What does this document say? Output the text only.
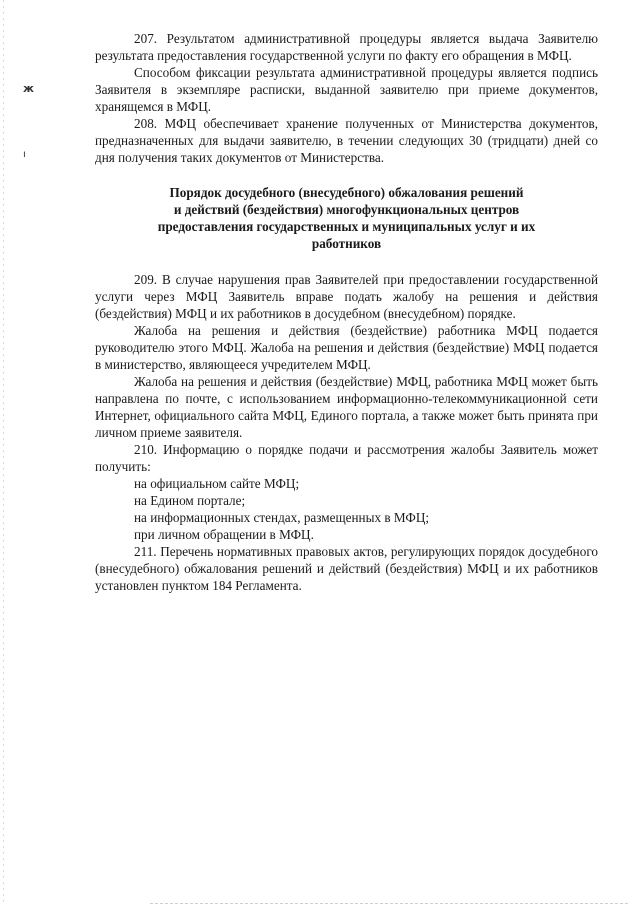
ж
ı

207. Результатом административной процедуры является выдача Заявителю результата предоставления государственной услуги по факту его обращения в МФЦ.

Способом фиксации результата административной процедуры является подпись Заявителя в экземпляре расписки, выданной заявителю при приеме документов, хранящемся в МФЦ.

208. МФЦ обеспечивает хранение полученных от Министерства документов, предназначенных для выдачи заявителю, в течении следующих 30 (тридцати) дней со дня получения таких документов от Министерства.

Порядок досудебного (внесудебного) обжалования решений
и действий (бездействия) многофункциональных центров
предоставления государственных и муниципальных услуг и их
работников

209. В случае нарушения прав Заявителей при предоставлении государственной услуги через МФЦ Заявитель вправе подать жалобу на решения и действия (бездействия) МФЦ и их работников в досудебном (внесудебном) порядке.

Жалоба на решения и действия (бездействие) работника МФЦ подается руководителю этого МФЦ. Жалоба на решения и действия (бездействие) МФЦ подается в министерство, являющееся учредителем МФЦ.

Жалоба на решения и действия (бездействие) МФЦ, работника МФЦ может быть направлена по почте, с использованием информационно-телекоммуникационной сети Интернет, официального сайта МФЦ, Единого портала, а также может быть принята при личном приеме заявителя.

210. Информацию о порядке подачи и рассмотрения жалобы Заявитель может получить:

на официальном сайте МФЦ;
на Едином портале;
на информационных стендах, размещенных в МФЦ;
при личном обращении в МФЦ.

211. Перечень нормативных правовых актов, регулирующих порядок досудебного (внесудебного) обжалования решений и действий (бездействия) МФЦ и их работников установлен пунктом 184 Регламента.
